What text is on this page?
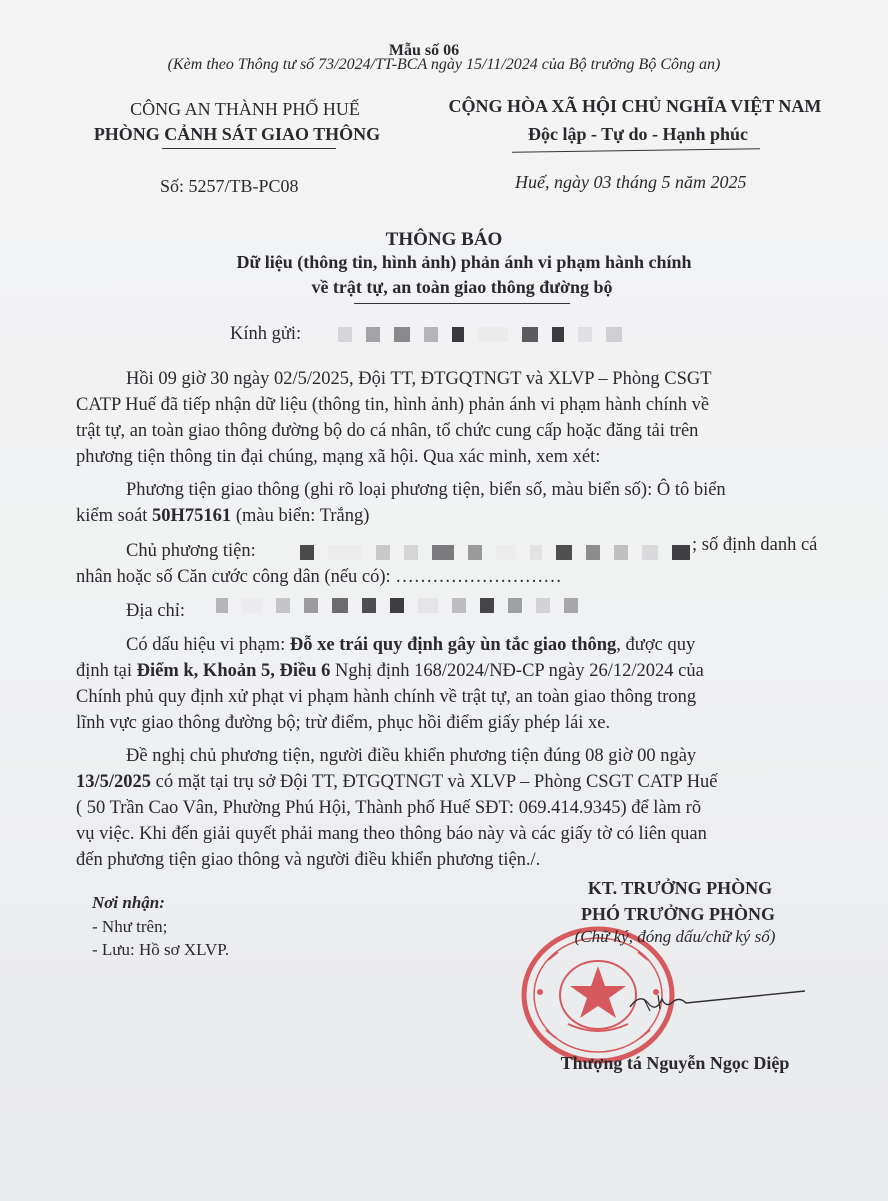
Mẫu số 06
(Kèm theo Thông tư số 73/2024/TT-BCA ngày 15/11/2024 của Bộ trưởng Bộ Công an)
CÔNG AN THÀNH PHỐ HUẾ
PHÒNG CẢNH SÁT GIAO THÔNG
CỘNG HÒA XÃ HỘI CHỦ NGHĨA VIỆT NAM
Độc lập - Tự do - Hạnh phúc
Số: 5257/TB-PC08	Huế, ngày 03 tháng 5 năm 2025
THÔNG BÁO
Dữ liệu (thông tin, hình ảnh) phản ánh vi phạm hành chính
về trật tự, an toàn giao thông đường bộ
Kính gửi:
Hồi 09 giờ 30 ngày 02/5/2025, Đội TT, ĐTGQTNGT và XLVP – Phòng CSGT
CATP Huế đã tiếp nhận dữ liệu (thông tin, hình ảnh) phản ánh vi phạm hành chính về
trật tự, an toàn giao thông đường bộ do cá nhân, tổ chức cung cấp hoặc đăng tải trên
phương tiện thông tin đại chúng, mạng xã hội. Qua xác minh, xem xét:
Phương tiện giao thông (ghi rõ loại phương tiện, biển số, màu biển số): Ô tô biển
kiểm soát 50H75161 (màu biển: Trắng)
Chủ phương tiện:	; số định danh cá
nhân hoặc số Căn cước công dân (nếu có): ………………………
Địa chỉ:
Có dấu hiệu vi phạm: Đỗ xe trái quy định gây ùn tắc giao thông, được quy
định tại Điểm k, Khoản 5, Điều 6 Nghị định 168/2024/NĐ-CP ngày 26/12/2024 của
Chính phủ quy định xử phạt vi phạm hành chính về trật tự, an toàn giao thông trong
lĩnh vực giao thông đường bộ; trừ điểm, phục hồi điểm giấy phép lái xe.
Đề nghị chủ phương tiện, người điều khiển phương tiện đúng 08 giờ 00 ngày
13/5/2025 có mặt tại trụ sở Đội TT, ĐTGQTNGT và XLVP – Phòng CSGT CATP Huế
( 50 Trần Cao Vân, Phường Phú Hội, Thành phố Huế SĐT: 069.414.9345) để làm rõ
vụ việc. Khi đến giải quyết phải mang theo thông báo này và các giấy tờ có liên quan
đến phương tiện giao thông và người điều khiển phương tiện./.
Nơi nhận:
- Như trên;
- Lưu: Hồ sơ XLVP.
KT. TRƯỞNG PHÒNG
PHÓ TRƯỞNG PHÒNG
(Chữ ký, đóng dấu/chữ ký số)
Thượng tá Nguyễn Ngọc Diệp
